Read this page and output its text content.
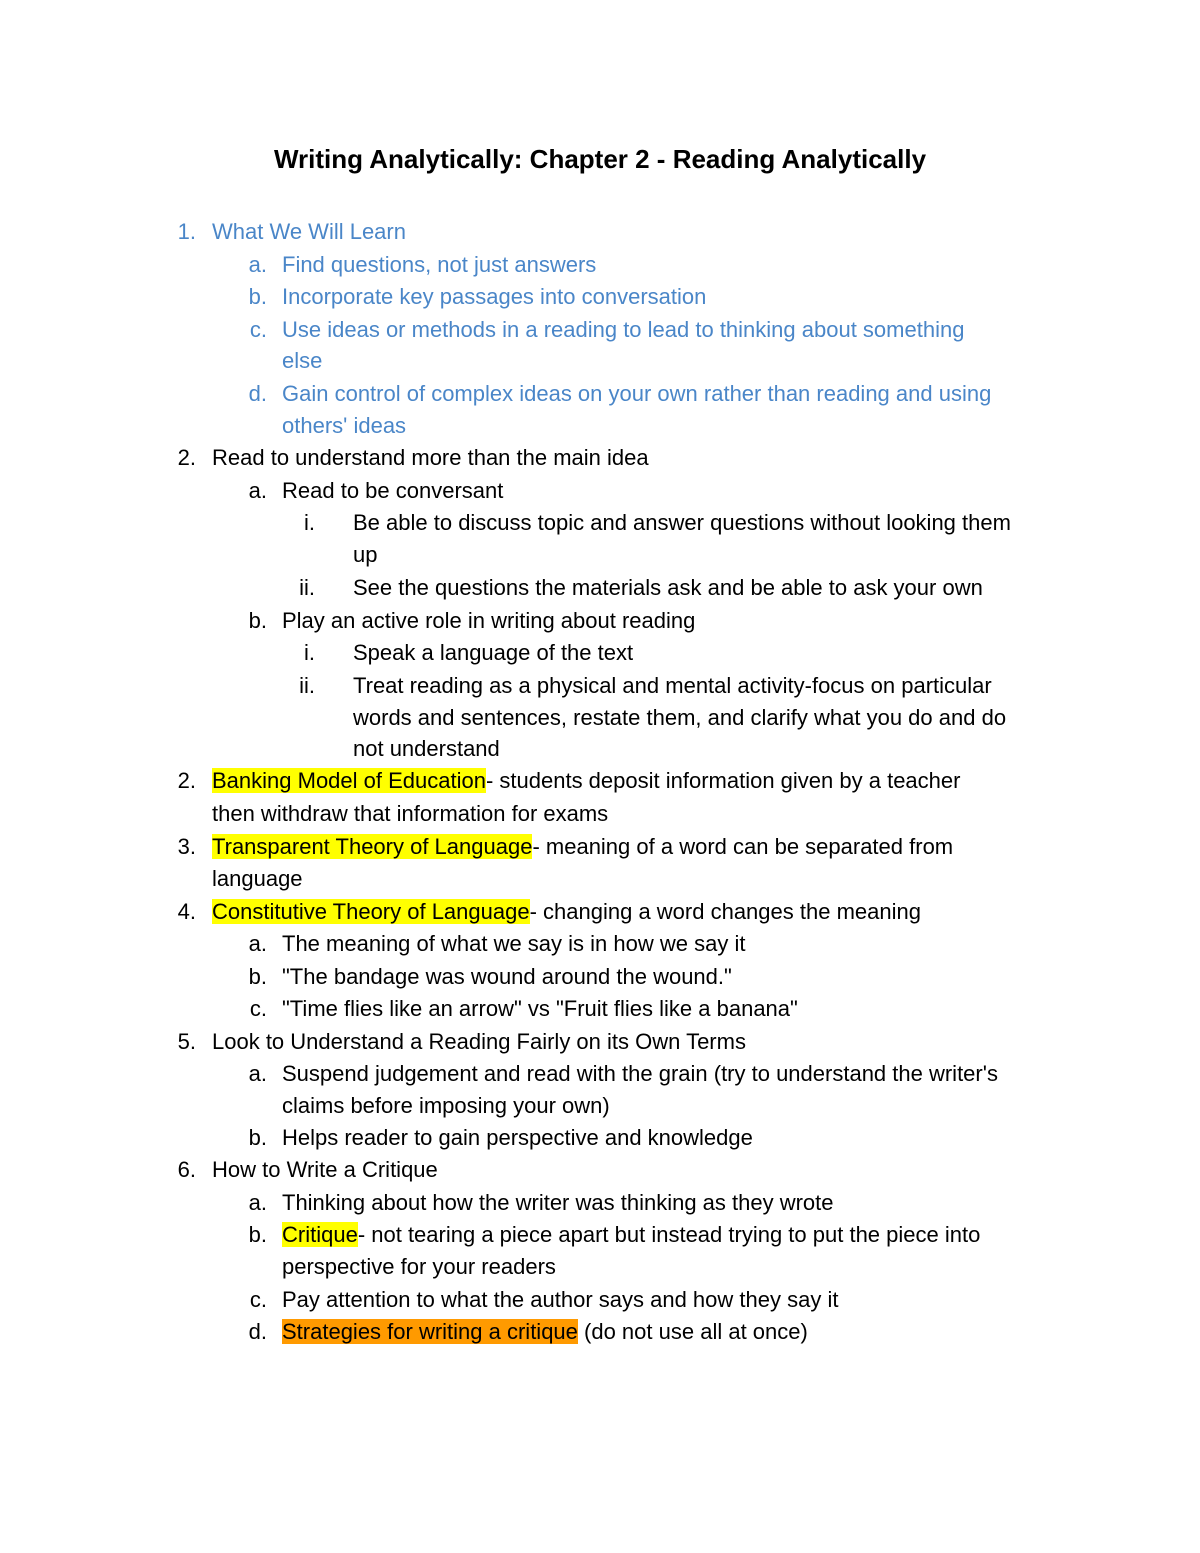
Writing Analytically: Chapter 2 - Reading Analytically
1. What We Will Learn
a. Find questions, not just answers
b. Incorporate key passages into conversation
c. Use ideas or methods in a reading to lead to thinking about something
else
d. Gain control of complex ideas on your own rather than reading and using
others' ideas
2. Read to understand more than the main idea
a. Read to be conversant
i. Be able to discuss topic and answer questions without looking them
up
ii. See the questions the materials ask and be able to ask your own
b. Play an active role in writing about reading
i. Speak a language of the text
ii. Treat reading as a physical and mental activity-focus on particular
words and sentences, restate them, and clarify what you do and do
not understand
2. Banking Model of Education- students deposit information given by a teacher
then withdraw that information for exams
3. Transparent Theory of Language- meaning of a word can be separated from
language
4. Constitutive Theory of Language- changing a word changes the meaning
a. The meaning of what we say is in how we say it
b. "The bandage was wound around the wound."
c. "Time flies like an arrow" vs "Fruit flies like a banana"
5. Look to Understand a Reading Fairly on its Own Terms
a. Suspend judgement and read with the grain (try to understand the writer's
claims before imposing your own)
b. Helps reader to gain perspective and knowledge
6. How to Write a Critique
a. Thinking about how the writer was thinking as they wrote
b. Critique- not tearing a piece apart but instead trying to put the piece into
perspective for your readers
c. Pay attention to what the author says and how they say it
d. Strategies for writing a critique (do not use all at once)
